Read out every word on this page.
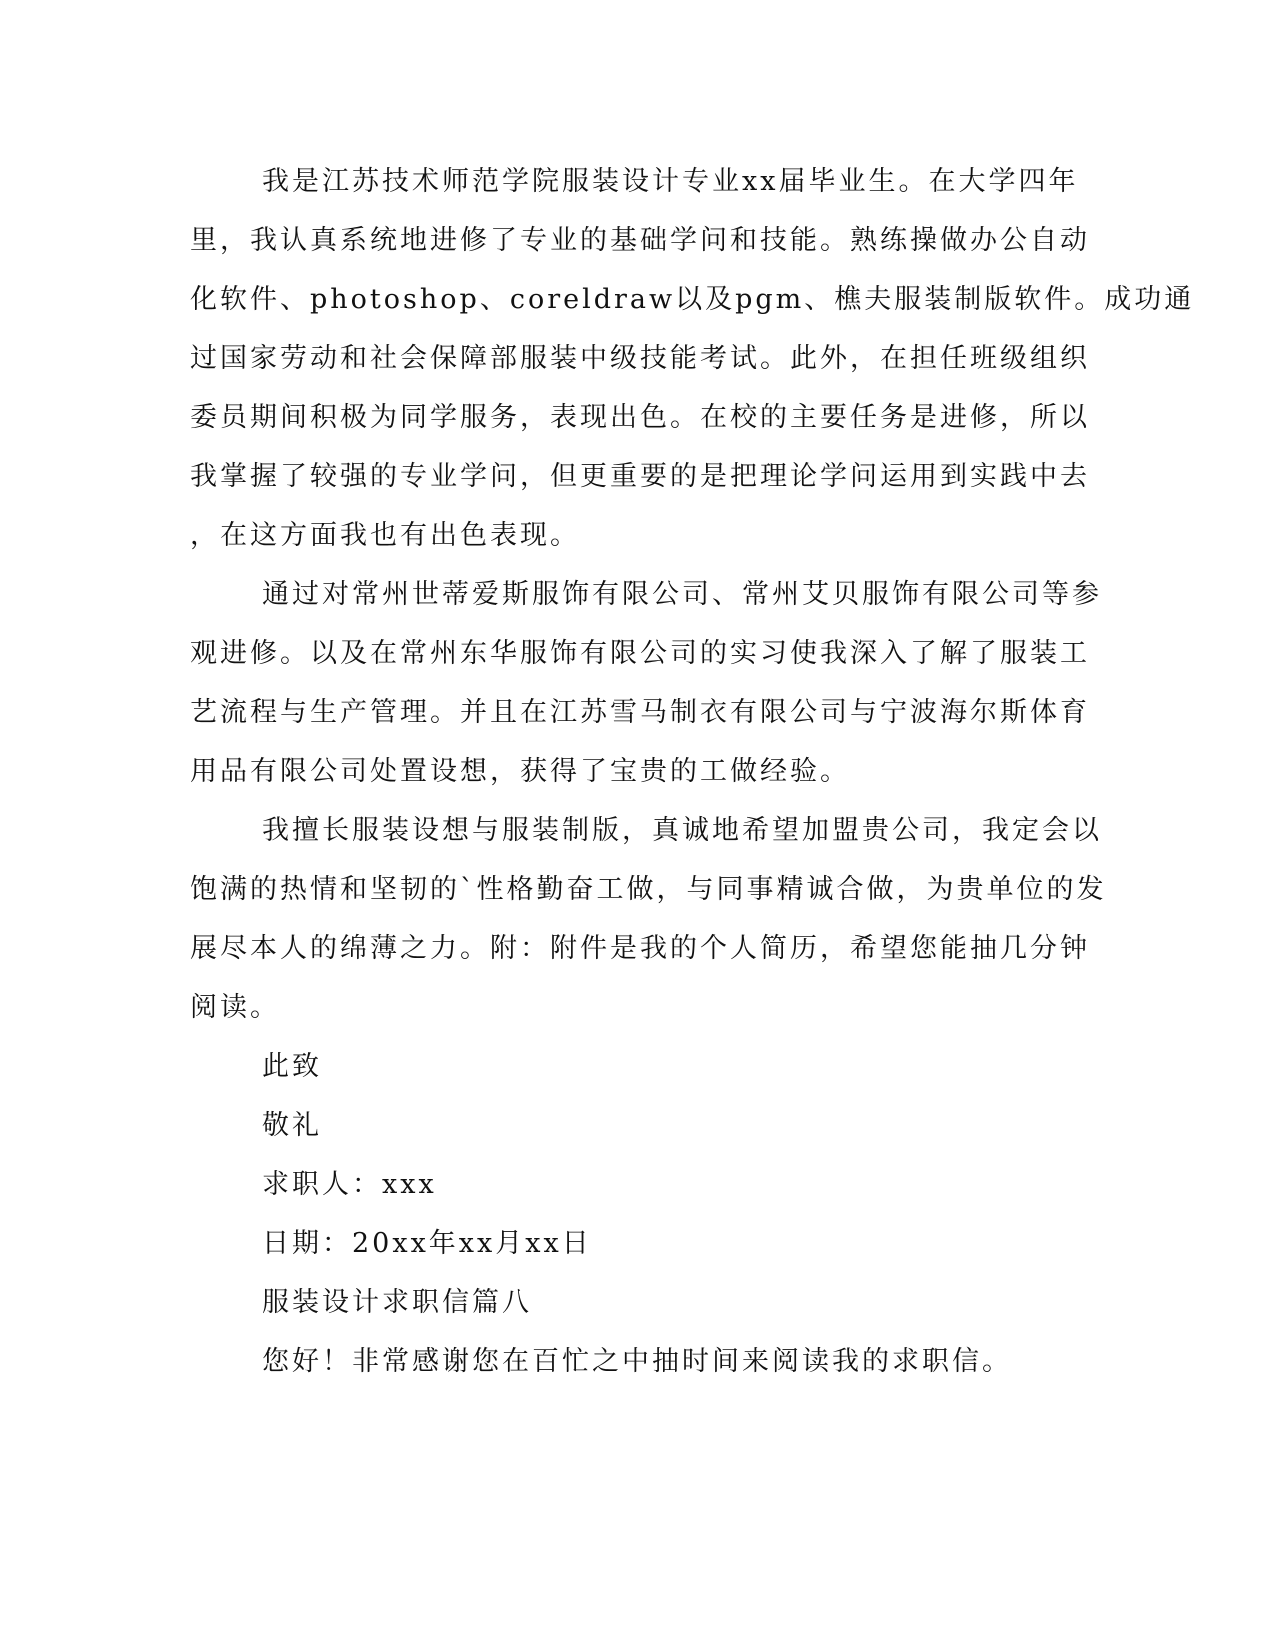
我是江苏技术师范学院服装设计专业xx届毕业生。在大学四年
里，我认真系统地进修了专业的基础学问和技能。熟练操做办公自动
化软件、photoshop、coreldraw以及pgm、樵夫服装制版软件。成功通
过国家劳动和社会保障部服装中级技能考试。此外，在担任班级组织
委员期间积极为同学服务，表现出色。在校的主要任务是进修，所以
我掌握了较强的专业学问，但更重要的是把理论学问运用到实践中去
，在这方面我也有出色表现。
通过对常州世蒂爱斯服饰有限公司、常州艾贝服饰有限公司等参
观进修。以及在常州东华服饰有限公司的实习使我深入了解了服装工
艺流程与生产管理。并且在江苏雪马制衣有限公司与宁波海尔斯体育
用品有限公司处置设想，获得了宝贵的工做经验。
我擅长服装设想与服装制版，真诚地希望加盟贵公司，我定会以
饱满的热情和坚韧的`性格勤奋工做，与同事精诚合做，为贵单位的发
展尽本人的绵薄之力。附：附件是我的个人简历，希望您能抽几分钟
阅读。
此致
敬礼
求职人：xxx
日期：20xx年xx月xx日
服装设计求职信篇八
您好！非常感谢您在百忙之中抽时间来阅读我的求职信。
